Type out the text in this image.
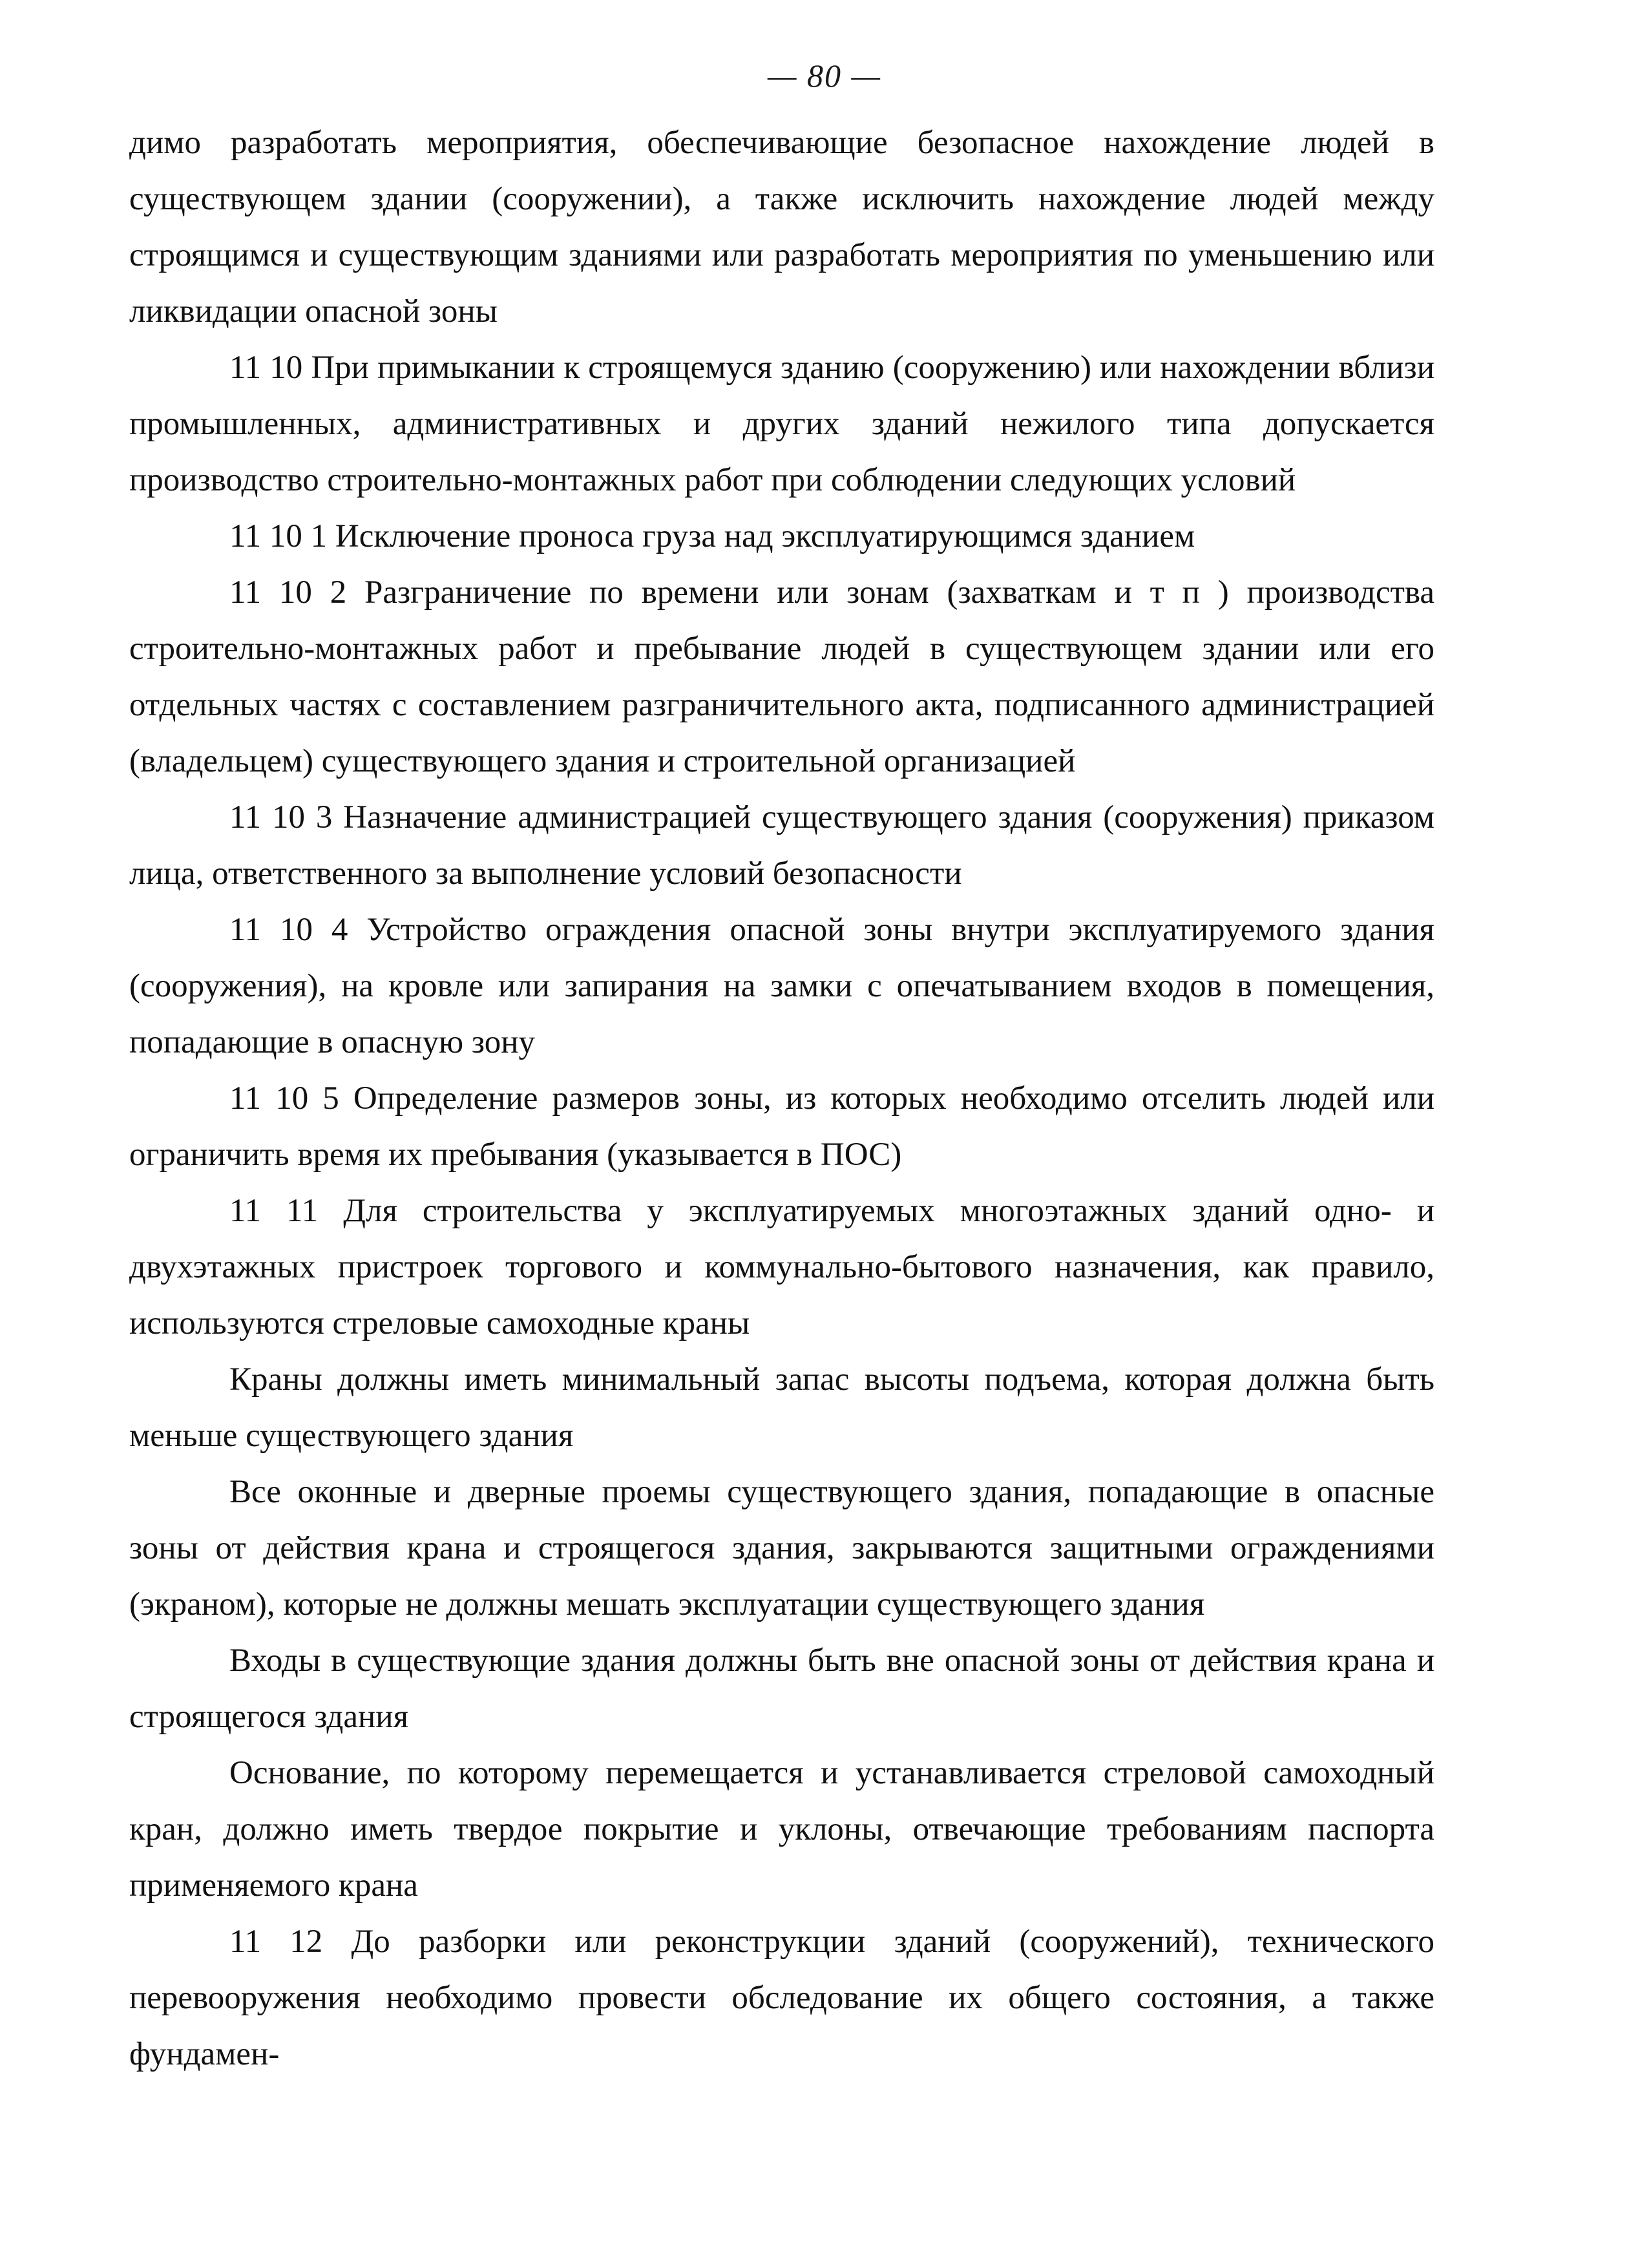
— 80 —

димо разработать мероприятия, обеспечивающие безопасное нахождение людей в существующем здании (сооружении), а также исключить нахождение людей между строящимся и существующим зданиями или разработать мероприятия по уменьшению или ликвидации опасной зоны

11 10 При примыкании к строящемуся зданию (сооружению) или нахождении вблизи промышленных, административных и других зданий нежилого типа допускается производство строительно-монтажных работ при соблюдении следующих условий

11 10 1 Исключение проноса груза над эксплуатирующимся зданием

11 10 2 Разграничение по времени или зонам (захваткам и т п ) производства строительно-монтажных работ и пребывание людей в существующем здании или его отдельных частях с составлением разграничительного акта, подписанного администрацией (владельцем) существующего здания и строительной организацией

11 10 3 Назначение администрацией существующего здания (сооружения) приказом лица, ответственного за выполнение условий безопасности

11 10 4 Устройство ограждения опасной зоны внутри эксплуатируемого здания (сооружения), на кровле или запирания на замки с опечатыванием входов в помещения, попадающие в опасную зону

11 10 5 Определение размеров зоны, из которых необходимо отселить людей или ограничить время их пребывания (указывается в ПОС)

11 11 Для строительства у эксплуатируемых многоэтажных зданий одно- и двухэтажных пристроек торгового и коммунально-бытового назначения, как правило, используются стреловые самоходные краны

Краны должны иметь минимальный запас высоты подъема, которая должна быть меньше существующего здания

Все оконные и дверные проемы существующего здания, попадающие в опасные зоны от действия крана и строящегося здания, закрываются защитными ограждениями (экраном), которые не должны мешать эксплуатации существующего здания

Входы в существующие здания должны быть вне опасной зоны от действия крана и строящегося здания

Основание, по которому перемещается и устанавливается стреловой самоходный кран, должно иметь твердое покрытие и уклоны, отвечающие требованиям паспорта применяемого крана

11 12 До разборки или реконструкции зданий (сооружений), технического перевооружения необходимо провести обследование их общего состояния, а также фундамен-
